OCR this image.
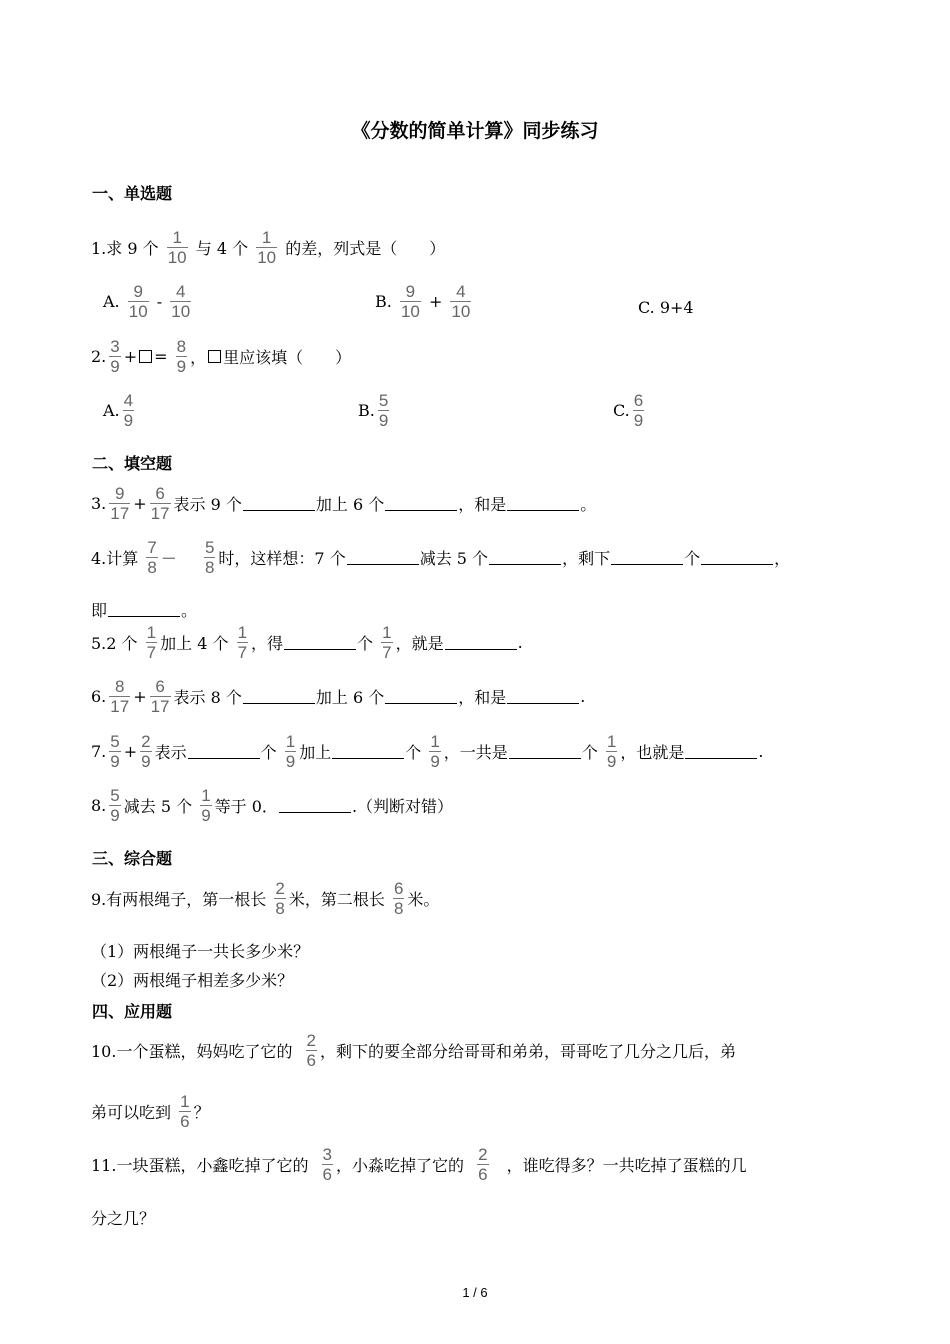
《分数的简单计算》同步练习
一、单选题
1.求 9 个 $\frac{1}{10}$ 与 4 个 $\frac{1}{10}$ 的差，列式是（　　）
A. $\frac{9}{10} - \frac{4}{10}$	B. $\frac{9}{10} + \frac{4}{10}$	C. 9+4
2. $\frac{3}{9}$ + = $\frac{8}{9}$ ， 里应该填（　　）
A. $\frac{4}{9}$	B. $\frac{5}{9}$	C. $\frac{6}{9}$
二、填空题
3. $\frac{9}{17} + \frac{6}{17}$ 表示 9 个	加上 6 个	，和是	。
4.计算 $\frac{7}{8} - \frac{5}{8}$ 时，这样想：7 个	减去 5 个	，剩下	个	，
即	。
5.2 个 $\frac{1}{7}$ 加上 4 个 $\frac{1}{7}$ ，得	个 $\frac{1}{7}$ ，就是	.
6. $\frac{8}{17} + \frac{6}{17}$ 表示 8 个	加上 6 个	，和是	.
7. $\frac{5}{9} + \frac{2}{9}$ 表示	个 $\frac{1}{9}$ 加上	个 $\frac{1}{9}$ ，一共是	个 $\frac{1}{9}$ ，也就是	.
8. $\frac{5}{9}$ 减去 5 个 $\frac{1}{9}$ 等于 0．	.（判断对错）
三、综合题
9.有两根绳子，第一根长 $\frac{2}{8}$ 米，第二根长 $\frac{6}{8}$ 米。
（1）两根绳子一共长多少米？
（2）两根绳子相差多少米？
四、应用题
10.一个蛋糕，妈妈吃了它的 $\frac{2}{6}$ ，剩下的要全部分给哥哥和弟弟，哥哥吃了几分之几后，弟
弟可以吃到 $\frac{1}{6}$ ？
11.一块蛋糕，小鑫吃掉了它的 $\frac{3}{6}$ ，小淼吃掉了它的 $\frac{2}{6}$ ，谁吃得多？一共吃掉了蛋糕的几
分之几？
1 / 6
